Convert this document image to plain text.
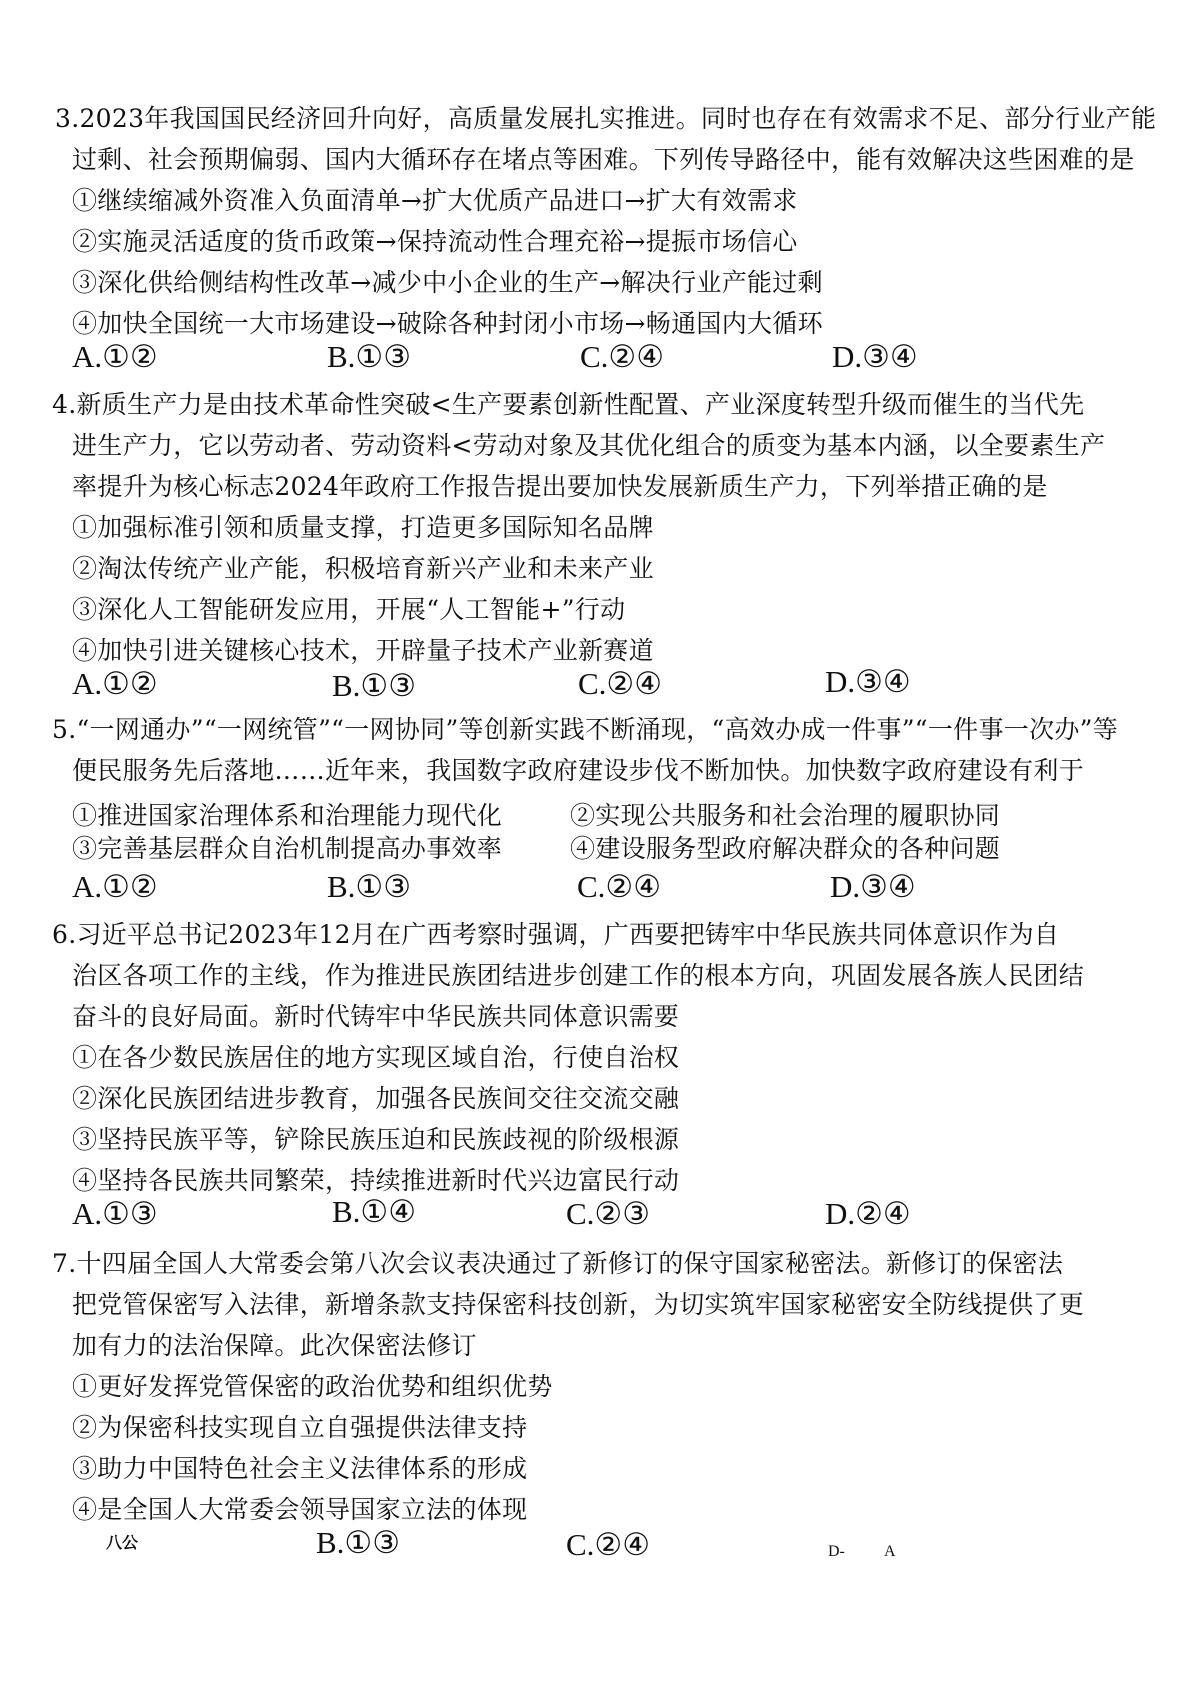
3.2023年我国国民经济回升向好，高质量发展扎实推进。同时也存在有效需求不足、部分行业产能
过剩、社会预期偏弱、国内大循环存在堵点等困难。下列传导路径中，能有效解决这些困难的是
①继续缩减外资准入负面清单→扩大优质产品进口→扩大有效需求
②实施灵活适度的货币政策→保持流动性合理充裕→提振市场信心
③深化供给侧结构性改革→减少中小企业的生产→解决行业产能过剩
④加快全国统一大市场建设→破除各种封闭小市场→畅通国内大循环
A.①②	B.①③	C.②④	D.③④
4.新质生产力是由技术革命性突破<生产要素创新性配置、产业深度转型升级而催生的当代先
进生产力，它以劳动者、劳动资料<劳动对象及其优化组合的质变为基本内涵，以全要素生产
率提升为核心标志2024年政府工作报告提出要加快发展新质生产力，下列举措正确的是
①加强标准引领和质量支撑，打造更多国际知名品牌
②淘汰传统产业产能，积极培育新兴产业和未来产业
③深化人工智能研发应用，开展“人工智能+”行动
④加快引进关键核心技术，开辟量子技术产业新赛道
A.①②	B.①③	C.②④	D.③④
5.“一网通办”“一网统管”“一网协同”等创新实践不断涌现，“高效办成一件事”“一件事一次办”等
便民服务先后落地……近年来，我国数字政府建设步伐不断加快。加快数字政府建设有利于
①推进国家治理体系和治理能力现代化	②实现公共服务和社会治理的履职协同
③完善基层群众自治机制提高办事效率	④建设服务型政府解决群众的各种问题
A.①②	B.①③	C.②④	D.③④
6.习近平总书记2023年12月在广西考察时强调，广西要把铸牢中华民族共同体意识作为自
治区各项工作的主线，作为推进民族团结进步创建工作的根本方向，巩固发展各族人民团结
奋斗的良好局面。新时代铸牢中华民族共同体意识需要
①在各少数民族居住的地方实现区域自治，行使自治权
②深化民族团结进步教育，加强各民族间交往交流交融
③坚持民族平等，铲除民族压迫和民族歧视的阶级根源
④坚持各民族共同繁荣，持续推进新时代兴边富民行动
A.①③	B.①④	C.②③	D.②④
7.十四届全国人大常委会第八次会议表决通过了新修订的保守国家秘密法。新修订的保密法
把党管保密写入法律，新增条款支持保密科技创新，为切实筑牢国家秘密安全防线提供了更
加有力的法治保障。此次保密法修订
①更好发挥党管保密的政治优势和组织优势
②为保密科技实现自立自强提供法律支持
③助力中国特色社会主义法律体系的形成
④是全国人大常委会领导国家立法的体现
八公	B.①③	C.②④	D- A
